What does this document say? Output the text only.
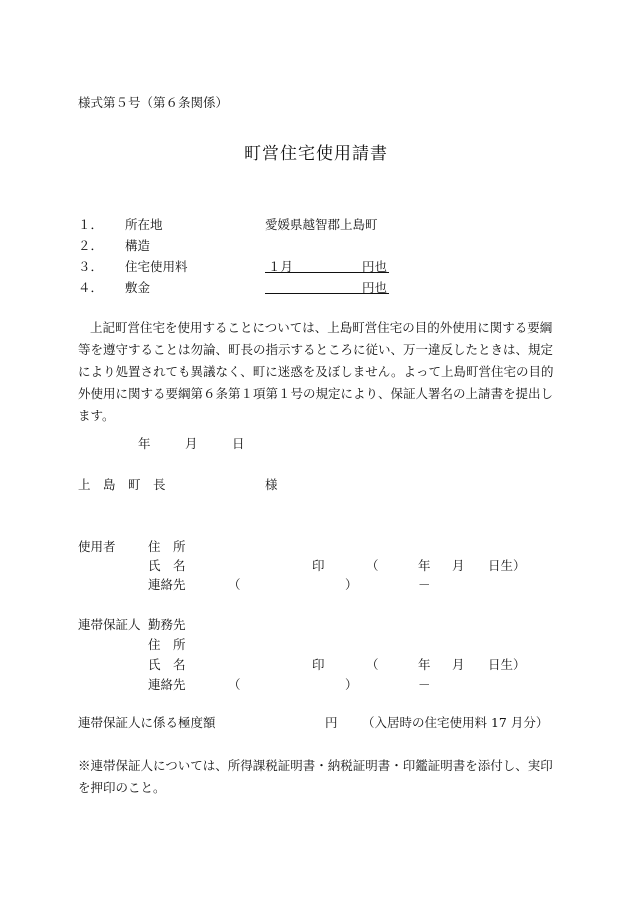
様式第５号（第６条関係）
町営住宅使用請書
１． 所在地	愛媛県越智郡上島町
２． 構造
３． 住宅使用料	１月	円也
４． 敷金	円也
上記町営住宅を使用することについては、上島町営住宅の目的外使用に関する要綱等を遵守することは勿論、町長の指示するところに従い、万一違反したときは、規定により処置されても異議なく、町に迷惑を及ぼしません。よって上島町営住宅の目的外使用に関する要綱第６条第１項第１号の規定により、保証人署名の上請書を提出します。
年	月	日
上　島　町　長	様
使用者	住　所
氏　名	印	（	年 月 日生）
連絡先	（	）	－
連帯保証人 勤務先
住　所
氏　名	印	（	年 月 日生）
連絡先	（	）	－
連帯保証人に係る極度額	円 （入居時の住宅使用料 17 月分）
※連帯保証人については、所得課税証明書・納税証明書・印鑑証明書を添付し、実印を押印のこと。
